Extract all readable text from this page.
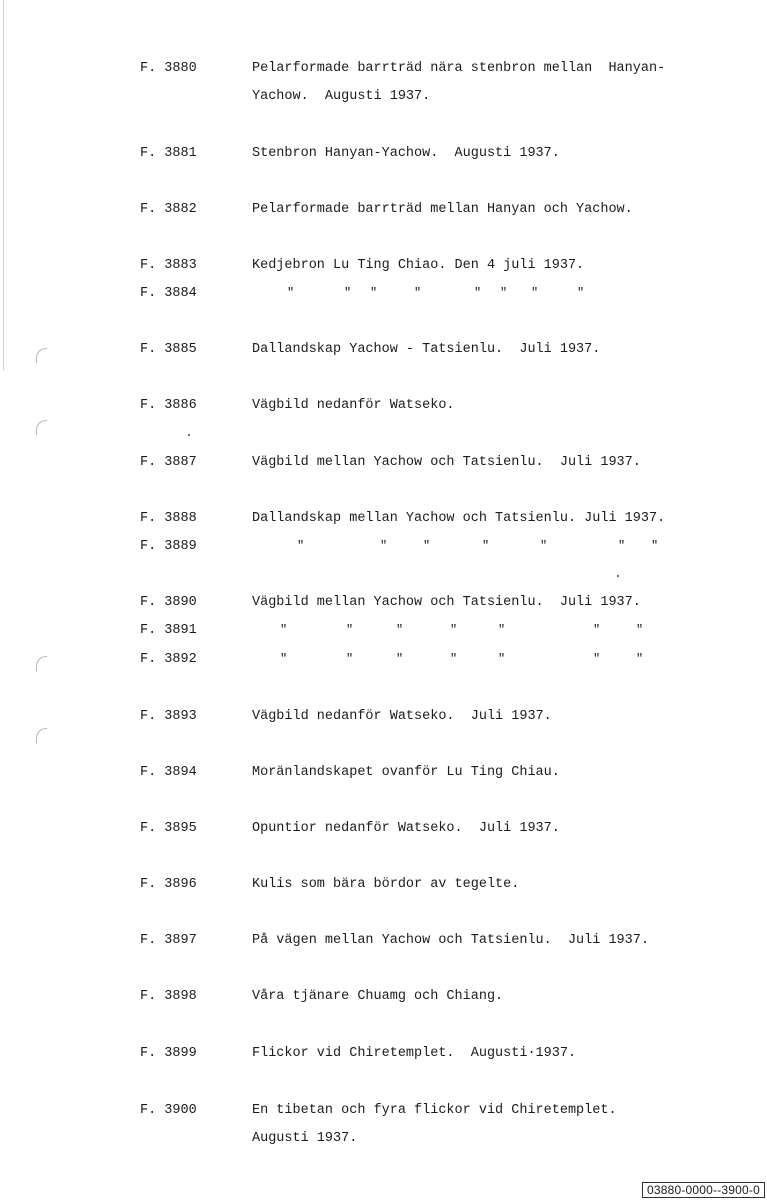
F. 3880	Pelarformade barrträd nära stenbron mellan  Hanyan-
Yachow.  Augusti 1937.
F. 3881	Stenbron Hanyan-Yachow.  Augusti 1937.
F. 3882	Pelarformade barrträd mellan Hanyan och Yachow.
F. 3883	Kedjebron Lu Ting Chiao. Den 4 juli 1937.
F. 3884	"	" "	"	" " "	"
F. 3885	Dallandskap Yachow - Tatsienlu.  Juli 1937.
F. 3886	Vägbild nedanför Watseko.
F. 3887	Vägbild mellan Yachow och Tatsienlu.  Juli 1937.
F. 3888	Dallandskap mellan Yachow och Tatsienlu. Juli 1937.
F. 3889	"	"	"	"	"	" "
F. 3890	Vägbild mellan Yachow och Tatsienlu.  Juli 1937.
F. 3891	"	"	"	"	"	"	"
F. 3892	"	"	"	"	"	"	"
F. 3893	Vägbild nedanför Watseko.  Juli 1937.
F. 3894	Moränlandskapet ovanför Lu Ting Chiau.
F. 3895	Opuntior nedanför Watseko.  Juli 1937.
F. 3896	Kulis som bära bördor av tegelte.
F. 3897	På vägen mellan Yachow och Tatsienlu.  Juli 1937.
F. 3898	Våra tjänare Chuamg och Chiang.
F. 3899	Flickor vid Chiretemplet.  Augusti·1937.
F. 3900	En tibetan och fyra flickor vid Chiretemplet.
Augusti 1937.
03880-0000--3900-0
